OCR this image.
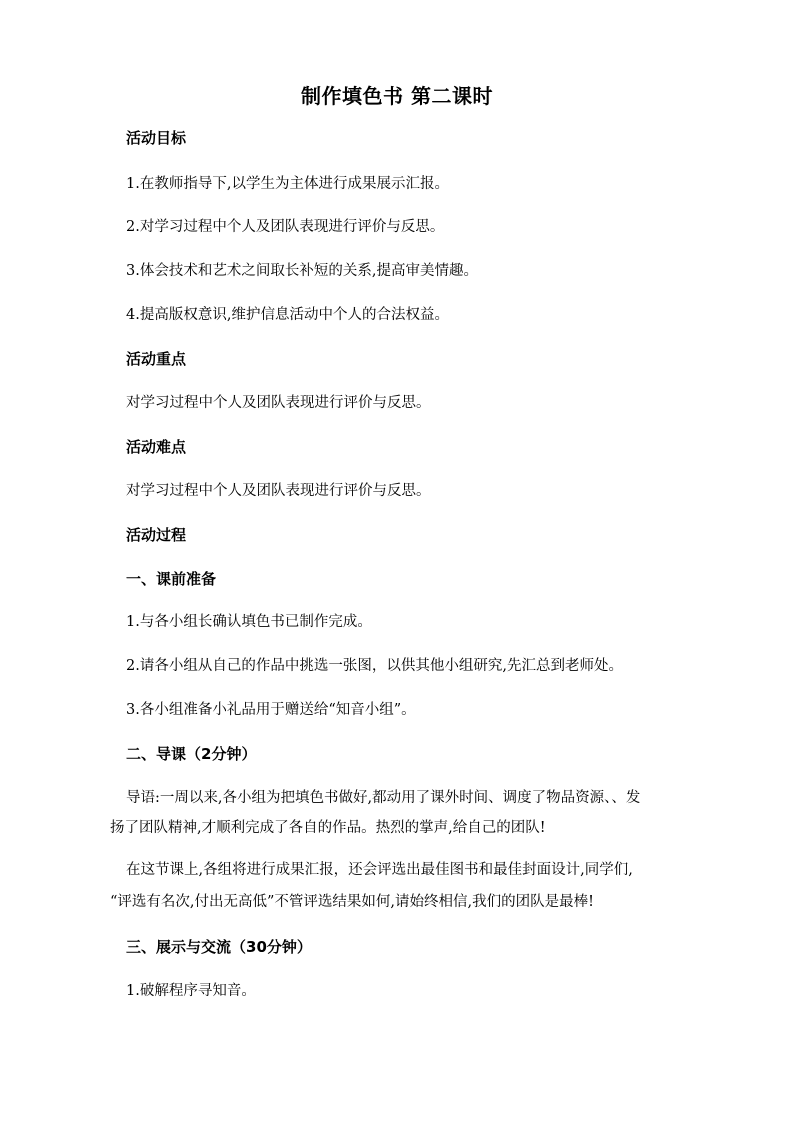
制作填色书 第二课时
活动目标
1.在教师指导下,以学生为主体进行成果展示汇报。
2.对学习过程中个人及团队表现进行评价与反思。
3.体会技术和艺术之间取长补短的关系,提高审美情趣。
4.提高版权意识,维护信息活动中个人的合法权益。
活动重点
对学习过程中个人及团队表现进行评价与反思。
活动难点
对学习过程中个人及团队表现进行评价与反思。
活动过程
一、课前准备
1.与各小组长确认填色书已制作完成。
2.请各小组从自己的作品中挑选一张图，以供其他小组研究,先汇总到老师处。
3.各小组准备小礼品用于赠送给“知音小组”。
二、导课（2分钟）
导语:一周以来,各小组为把填色书做好,都动用了课外时间、调度了物品资源、、发
扬了团队精神,才顺利完成了各自的作品。热烈的掌声,给自己的团队!
在这节课上,各组将进行成果汇报，还会评选出最佳图书和最佳封面设计,同学们,
“评选有名次,付出无高低”不管评选结果如何,请始终相信,我们的团队是最棒!
三、展示与交流（30分钟）
1.破解程序寻知音。
